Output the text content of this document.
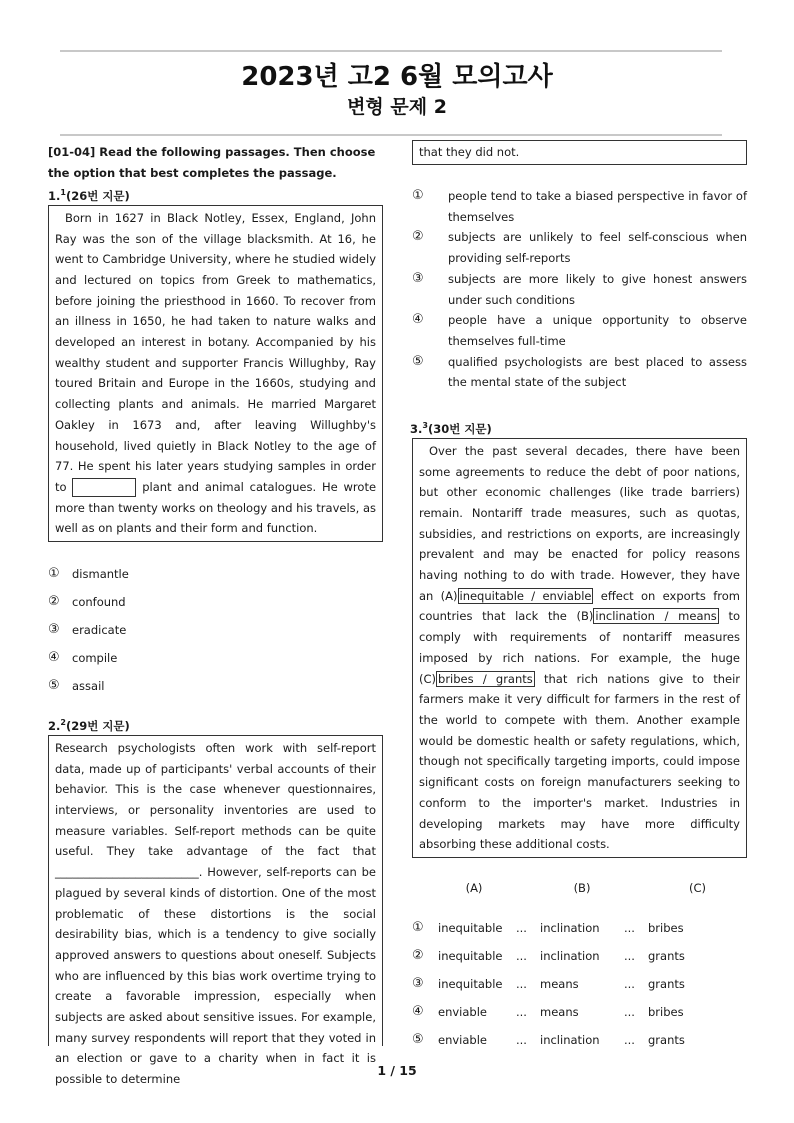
2023년 고2 6월 모의고사
변형 문제 2
[01-04] Read the following passages. Then choose the option that best completes the passage.
1.$^1$(26번 지문)
Born in 1627 in Black Notley, Essex, England, John Ray was the son of the village blacksmith. At 16, he went to Cambridge University, where he studied widely and lectured on topics from Greek to mathematics, before joining the priesthood in 1660. To recover from an illness in 1650, he had taken to nature walks and developed an interest in botany. Accompanied by his wealthy student and supporter Francis Willughby, Ray toured Britain and Europe in the 1660s, studying and collecting plants and animals. He married Margaret Oakley in 1673 and, after leaving Willughby's household, lived quietly in Black Notley to the age of 77. He spent his later years studying samples in order to	plant and animal catalogues. He wrote more than twenty works on theology and his travels, as well as on plants and their form and function.
① dismantle
② confound
③ eradicate
④ compile
⑤ assail
2.$^2$(29번 지문)
Research psychologists often work with self-report data, made up of participants' verbal accounts of their behavior. This is the case whenever questionnaires, interviews, or personality inventories are used to measure variables. Self-report methods can be quite useful. They take advantage of the fact that _________________________. However, self-reports can be plagued by several kinds of distortion. One of the most problematic of these distortions is the social desirability bias, which is a tendency to give socially approved answers to questions about oneself. Subjects who are influenced by this bias work overtime trying to create a favorable impression, especially when subjects are asked about sensitive issues. For example, many survey respondents will report that they voted in an election or gave to a charity when in fact it is possible to determine
that they did not.
①	people tend to take a biased perspective in favor of themselves
②	subjects are unlikely to feel self-conscious when providing self-reports
③	subjects are more likely to give honest answers under such conditions
④	people have a unique opportunity to observe themselves full-time
⑤	qualified psychologists are best placed to assess the mental state of the subject
3.$^3$(30번 지문)
Over the past several decades, there have been some agreements to reduce the debt of poor nations, but other economic challenges (like trade barriers) remain. Nontariff trade measures, such as quotas, subsidies, and restrictions on exports, are increasingly prevalent and may be enacted for policy reasons having nothing to do with trade. However, they have an (A) inequitable / enviable effect on exports from countries that lack the (B) inclination / means to comply with requirements of nontariff measures imposed by rich nations. For example, the huge (C) bribes / grants that rich nations give to their farmers make it very difficult for farmers in the rest of the world to compete with them. Another example would be domestic health or safety regulations, which, though not specifically targeting imports, could impose significant costs on foreign manufacturers seeking to conform to the importer's market. Industries in developing markets may have more difficulty absorbing these additional costs.
	(A)		(B)		(C)

①	inequitable	...	inclination	...	bribes
②	inequitable	...	inclination	...	grants
③	inequitable	...	means	...	grants
④	enviable	...	means	...	bribes
⑤	enviable	...	inclination	...	grants
1 / 15
